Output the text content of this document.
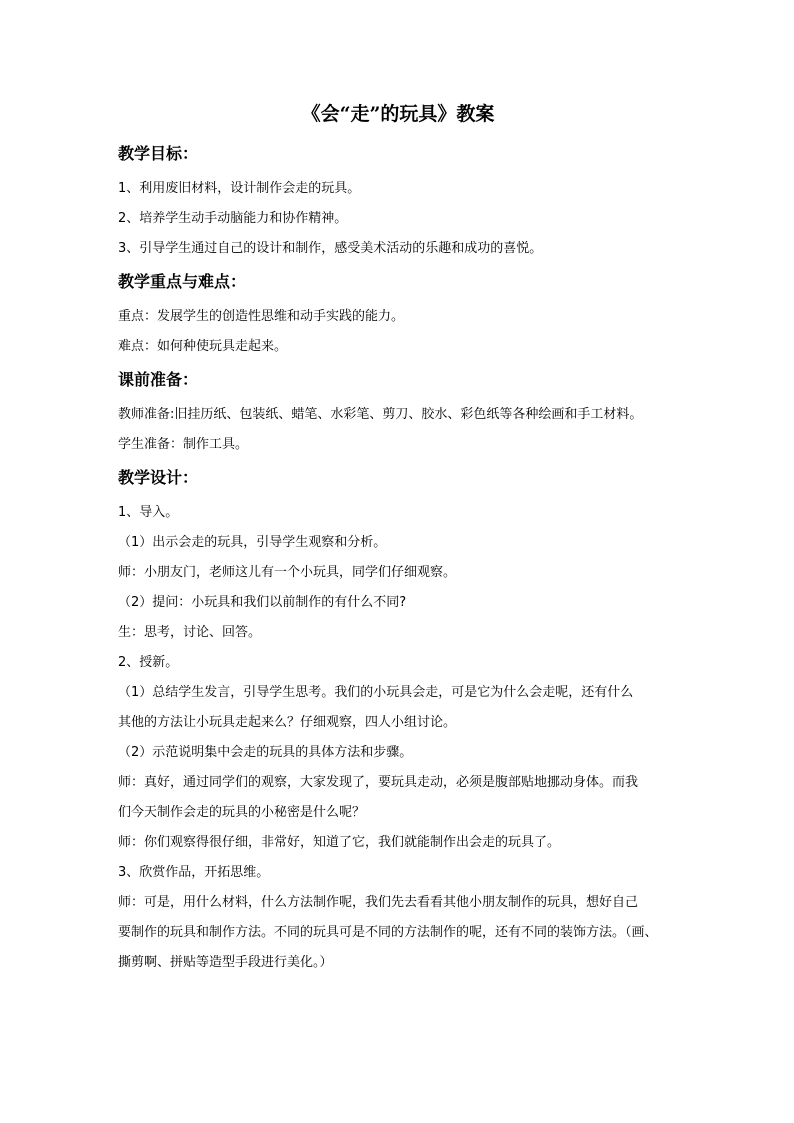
《会“走”的玩具》教案
教学目标：

1、利用废旧材料，设计制作会走的玩具。

2、培养学生动手动脑能力和协作精神。

3、引导学生通过自己的设计和制作，感受美术活动的乐趣和成功的喜悦。

教学重点与难点：

重点：发展学生的创造性思维和动手实践的能力。

难点：如何种使玩具走起来。

课前准备：

教师准备:旧挂历纸、包装纸、蜡笔、水彩笔、剪刀、胶水、彩色纸等各种绘画和手工材料。

学生准备：制作工具。

教学设计：

1、导入。

（1）出示会走的玩具，引导学生观察和分析。

师：小朋友门，老师这儿有一个小玩具，同学们仔细观察。

（2）提问：小玩具和我们以前制作的有什么不同?

生：思考，讨论、回答。

2、授新。

（1）总结学生发言，引导学生思考。我们的小玩具会走，可是它为什么会走呢，还有什么

其他的方法让小玩具走起来么？仔细观察，四人小组讨论。

（2）示范说明集中会走的玩具的具体方法和步骤。

师：真好，通过同学们的观察，大家发现了，要玩具走动，必须是腹部贴地挪动身体。而我

们今天制作会走的玩具的小秘密是什么呢？

师：你们观察得很仔细，非常好，知道了它，我们就能制作出会走的玩具了。

3、欣赏作品，开拓思维。

师：可是，用什么材料，什么方法制作呢，我们先去看看其他小朋友制作的玩具，想好自己

要制作的玩具和制作方法。不同的玩具可是不同的方法制作的呢，还有不同的装饰方法。（画、

撕剪啊、拼贴等造型手段进行美化。）
